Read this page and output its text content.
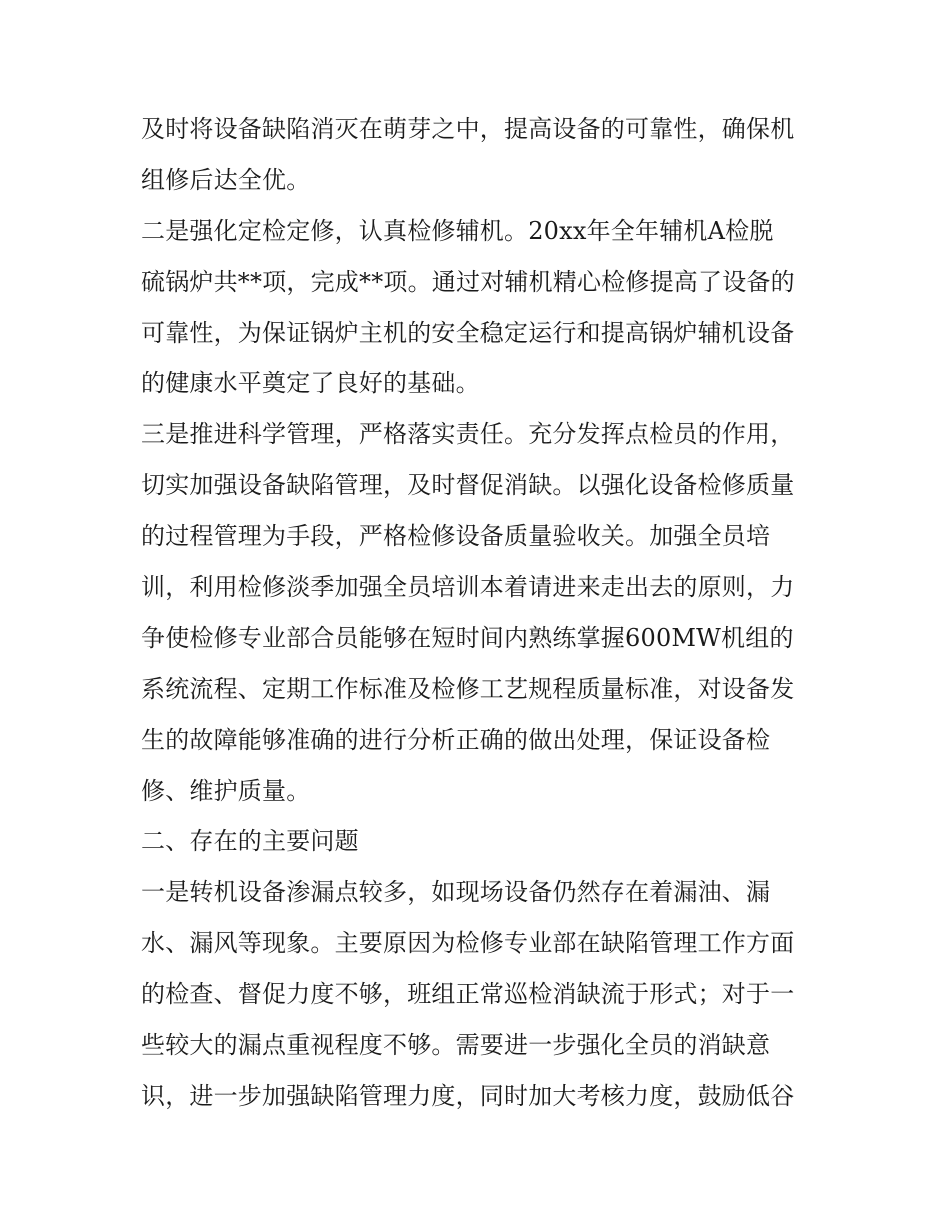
及时将设备缺陷消灭在萌芽之中，提高设备的可靠性，确保机
组修后达全优。
二是强化定检定修，认真检修辅机。20xx年全年辅机A检脱
硫锅炉共**项，完成**项。通过对辅机精心检修提高了设备的
可靠性，为保证锅炉主机的安全稳定运行和提高锅炉辅机设备
的健康水平奠定了良好的基础。
三是推进科学管理，严格落实责任。充分发挥点检员的作用，
切实加强设备缺陷管理，及时督促消缺。以强化设备检修质量
的过程管理为手段，严格检修设备质量验收关。加强全员培
训，利用检修淡季加强全员培训本着请进来走出去的原则，力
争使检修专业部合员能够在短时间内熟练掌握600MW机组的
系统流程、定期工作标准及检修工艺规程质量标准，对设备发
生的故障能够准确的进行分析正确的做出处理，保证设备检
修、维护质量。
二、存在的主要问题
一是转机设备渗漏点较多，如现场设备仍然存在着漏油、漏
水、漏风等现象。主要原因为检修专业部在缺陷管理工作方面
的检查、督促力度不够，班组正常巡检消缺流于形式；对于一
些较大的漏点重视程度不够。需要进一步强化全员的消缺意
识，进一步加强缺陷管理力度，同时加大考核力度，鼓励低谷
